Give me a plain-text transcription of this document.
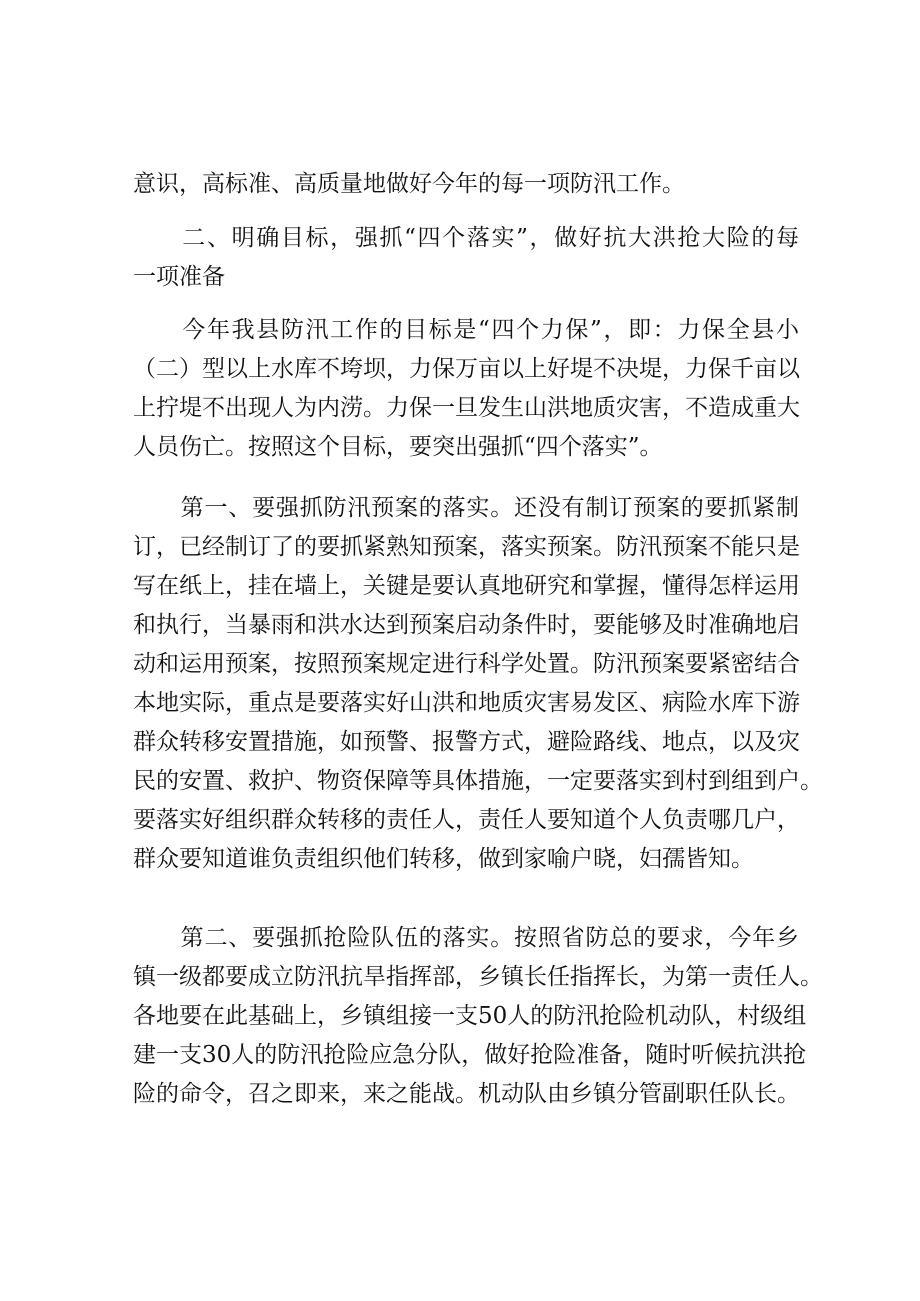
意识，高标准、高质量地做好今年的每一项防汛工作。
　　二、明确目标，强抓“四个落实”，做好抗大洪抢大险的每
一项准备
　　今年我县防汛工作的目标是“四个力保”，即：力保全县小
（二）型以上水库不垮坝，力保万亩以上好堤不决堤，力保千亩以
上拧堤不出现人为内涝。力保一旦发生山洪地质灾害，不造成重大
人员伤亡。按照这个目标，要突出强抓“四个落实”。
　　第一、要强抓防汛预案的落实。还没有制订预案的要抓紧制
订，已经制订了的要抓紧熟知预案，落实预案。防汛预案不能只是
写在纸上，挂在墙上，关键是要认真地研究和掌握，懂得怎样运用
和执行，当暴雨和洪水达到预案启动条件时，要能够及时准确地启
动和运用预案，按照预案规定进行科学处置。防汛预案要紧密结合
本地实际，重点是要落实好山洪和地质灾害易发区、病险水库下游
群众转移安置措施，如预警、报警方式，避险路线、地点，以及灾
民的安置、救护、物资保障等具体措施，一定要落实到村到组到户。
要落实好组织群众转移的责任人，责任人要知道个人负责哪几户，
群众要知道谁负责组织他们转移，做到家喻户晓，妇孺皆知。
　　第二、要强抓抢险队伍的落实。按照省防总的要求，今年乡
镇一级都要成立防汛抗旱指挥部，乡镇长任指挥长，为第一责任人。
各地要在此基础上，乡镇组接一支50人的防汛抢险机动队，村级组
建一支30人的防汛抢险应急分队，做好抢险准备，随时听候抗洪抢
险的命令，召之即来，来之能战。机动队由乡镇分管副职任队长。
